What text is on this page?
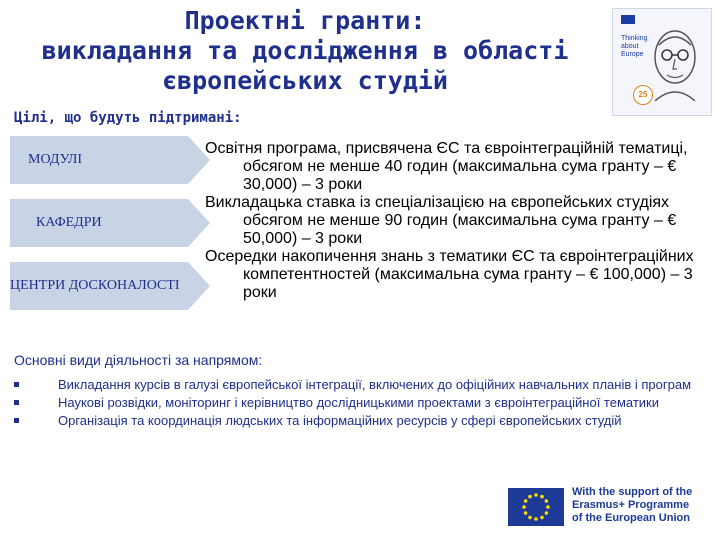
Проектні гранти:
викладання та дослідження в області
європейських студій
Thinking about Europe
25
Цілі, що будуть підтримані:
МОДУЛІ
КАФЕДРИ
ЦЕНТРИ ДОСКОНАЛОСТІ

Освітня програма, присвячена ЄС та євроінтеграційній тематиці, обсягом не менше 40 годин (максимальна сума гранту – € 30,000) – 3 роки

Викладацька ставка із спеціалізацією на європейських студіях обсягом не менше 90 годин (максимальна сума гранту – € 50,000) – 3 роки

Осередки накопичення знань з тематики ЄС та євроінтеграційних компетентностей (максимальна сума гранту – € 100,000) – 3 роки

Основні види діяльності за напрямом:
Викладання курсів в галузі європейської інтеграції, включених до офіційних навчальних планів і програм
Наукові розвідки, моніторинг і керівництво дослідницькими проектами з євроінтеграційної тематики
Організація та координація людських та інформаційних ресурсів у сфері європейських студій
With the support of the
Erasmus+ Programme
of the European Union
